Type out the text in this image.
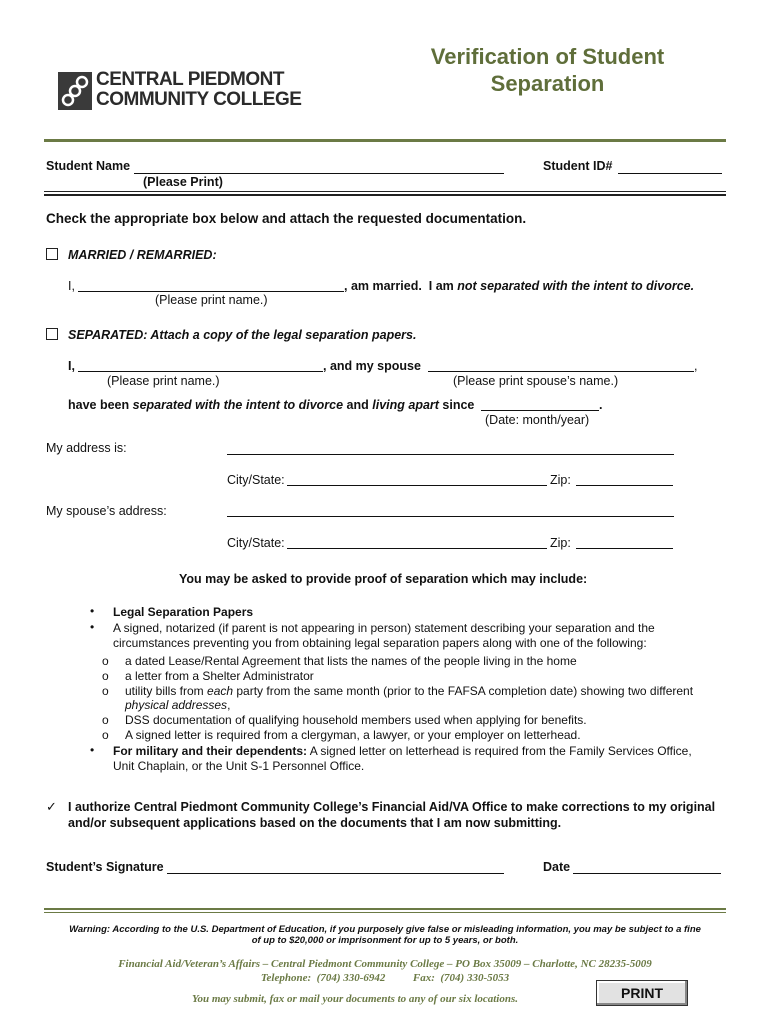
CENTRAL PIEDMONT
COMMUNITY COLLEGE
Verification of Student
Separation
Student Name
(Please Print)
Student ID#
Check the appropriate box below and attach the requested documentation.
MARRIED / REMARRIED:
I,	, am married.  I am not separated with the intent to divorce.
(Please print name.)
SEPARATED: Attach a copy of the legal separation papers.
I,	, and my spouse	,
(Please print name.)	(Please print spouse’s name.)
have been separated with the intent to divorce and living apart since	.
(Date: month/year)
My address is:
City/State:	Zip:
My spouse’s address:
City/State:	Zip:
You may be asked to provide proof of separation which may include:
• Legal Separation Papers
• A signed, notarized (if parent is not appearing in person) statement describing your separation and the
circumstances preventing you from obtaining legal separation papers along with one of the following:
o a dated Lease/Rental Agreement that lists the names of the people living in the home
o a letter from a Shelter Administrator
o utility bills from each party from the same month (prior to the FAFSA completion date) showing two different
physical addresses,
o DSS documentation of qualifying household members used when applying for benefits.
o A signed letter is required from a clergyman, a lawyer, or your employer on letterhead.
• For military and their dependents: A signed letter on letterhead is required from the Family Services Office,
Unit Chaplain, or the Unit S-1 Personnel Office.
✓ I authorize Central Piedmont Community College’s Financial Aid/VA Office to make corrections to my original
and/or subsequent applications based on the documents that I am now submitting.
Student’s Signature	Date
Warning: According to the U.S. Department of Education, if you purposely give false or misleading information, you may be subject to a fine
of up to $20,000 or imprisonment for up to 5 years, or both.
Financial Aid/Veteran’s Affairs – Central Piedmont Community College – PO Box 35009 – Charlotte, NC 28235-5009
Telephone:  (704) 330-6942          Fax:  (704) 330-5053
You may submit, fax or mail your documents to any of our six locations.	PRINT
